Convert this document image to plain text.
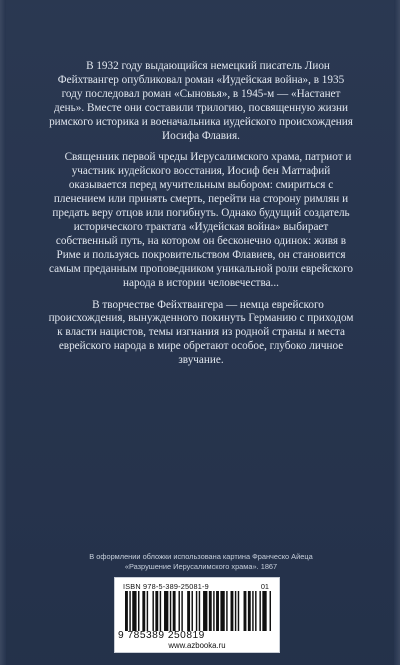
В 1932 году выдающийся немецкий писатель Лион Фейхтвангер опубликовал роман «Иудейская война», в 1935 году последовал роман «Сыновья», в 1945-м — «Настанет день». Вместе они составили трилогию, посвященную жизни римского историка и военачальника иудейского происхождения Иосифа Флавия.

Священник первой чреды Иерусалимского храма, патриот и участник иудейского восстания, Иосиф бен Маттафий оказывается перед мучительным выбором: смириться с пленением или принять смерть, перейти на сторону римлян и предать веру отцов или погибнуть. Однако будущий создатель исторического трактата «Иудейская война» выбирает собственный путь, на котором он бесконечно одинок: живя в Риме и пользуясь покровительством Флавиев, он становится самым преданным проповедником уникальной роли еврейского народа в истории человечества...

В творчестве Фейхтвангера — немца еврейского происхождения, вынужденного покинуть Германию с приходом к власти нацистов, темы изгнания из родной страны и места еврейского народа в мире обретают особое, глубоко личное звучание.

В оформлении обложки использована картина Франческо Айеца
«Разрушение Иерусалимского храма». 1867
ISBN 978-5-389-25081-9	01
9 785389 250819
www.azbooka.ru
